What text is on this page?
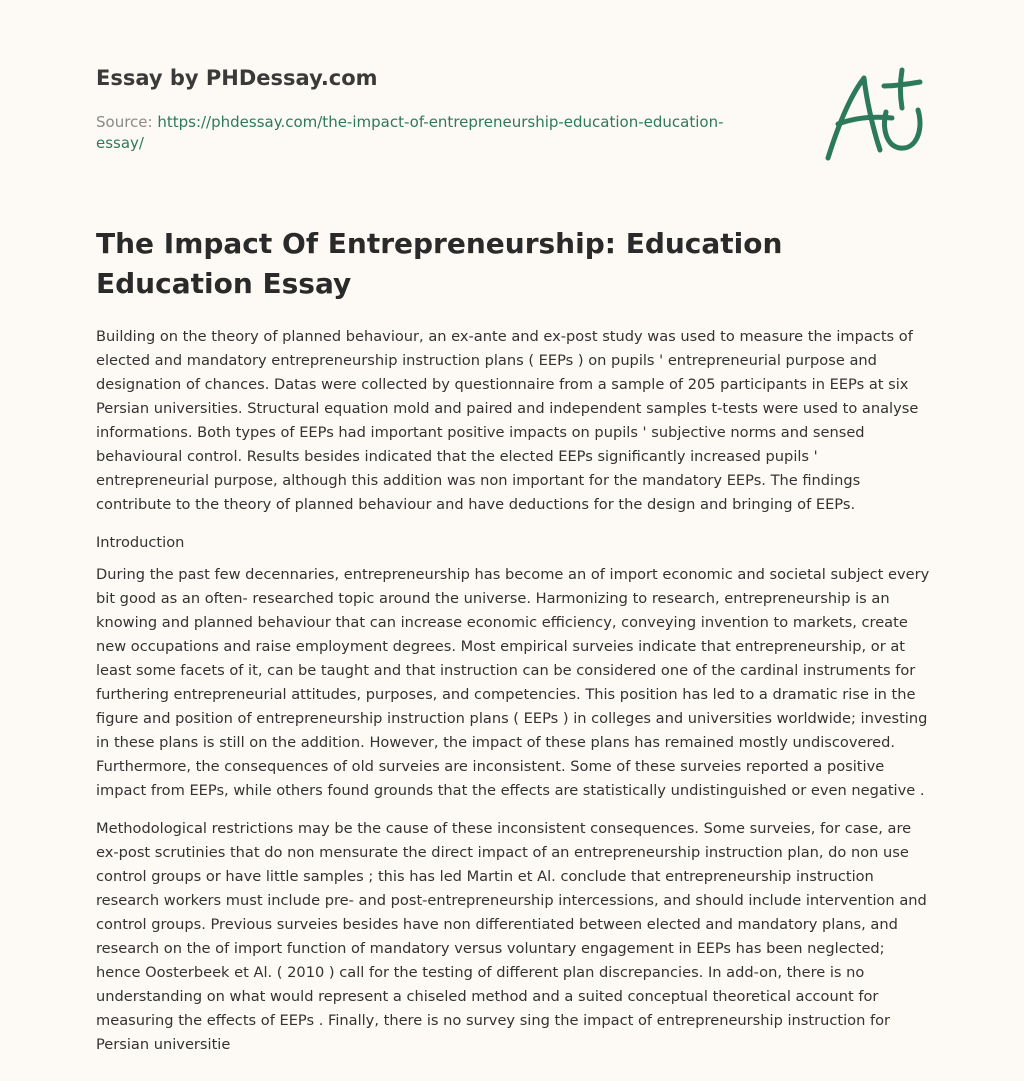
Essay by PHDessay.com
Source: https://phdessay.com/the-impact-of-entrepreneurship-education-education-essay/
The Impact Of Entrepreneurship: Education Education Essay

Building on the theory of planned behaviour, an ex-ante and ex-post study was used to measure the impacts of elected and mandatory entrepreneurship instruction plans ( EEPs ) on pupils ' entrepreneurial purpose and designation of chances. Datas were collected by questionnaire from a sample of 205 participants in EEPs at six Persian universities. Structural equation mold and paired and independent samples t-tests were used to analyse informations. Both types of EEPs had important positive impacts on pupils ' subjective norms and sensed behavioural control. Results besides indicated that the elected EEPs significantly increased pupils ' entrepreneurial purpose, although this addition was non important for the mandatory EEPs. The findings contribute to the theory of planned behaviour and have deductions for the design and bringing of EEPs.

Introduction

During the past few decennaries, entrepreneurship has become an of import economic and societal subject every bit good as an often- researched topic around the universe. Harmonizing to research, entrepreneurship is an knowing and planned behaviour that can increase economic efficiency, conveying invention to markets, create new occupations and raise employment degrees. Most empirical surveies indicate that entrepreneurship, or at least some facets of it, can be taught and that instruction can be considered one of the cardinal instruments for furthering entrepreneurial attitudes, purposes, and competencies. This position has led to a dramatic rise in the figure and position of entrepreneurship instruction plans ( EEPs ) in colleges and universities worldwide; investing in these plans is still on the addition. However, the impact of these plans has remained mostly undiscovered. Furthermore, the consequences of old surveies are inconsistent. Some of these surveies reported a positive impact from EEPs, while others found grounds that the effects are statistically undistinguished or even negative .

Methodological restrictions may be the cause of these inconsistent consequences. Some surveies, for case, are ex-post scrutinies that do non mensurate the direct impact of an entrepreneurship instruction plan, do non use control groups or have little samples ; this has led Martin et Al. conclude that entrepreneurship instruction research workers must include pre- and post-entrepreneurship intercessions, and should include intervention and control groups. Previous surveies besides have non differentiated between elected and mandatory plans, and research on the of import function of mandatory versus voluntary engagement in EEPs has been neglected; hence Oosterbeek et Al. ( 2010 ) call for the testing of different plan discrepancies. In add-on, there is no understanding on what would represent a chiseled method and a suited conceptual theoretical account for measuring the effects of EEPs . Finally, there is no survey sing the impact of entrepreneurship instruction for Persian universitie
